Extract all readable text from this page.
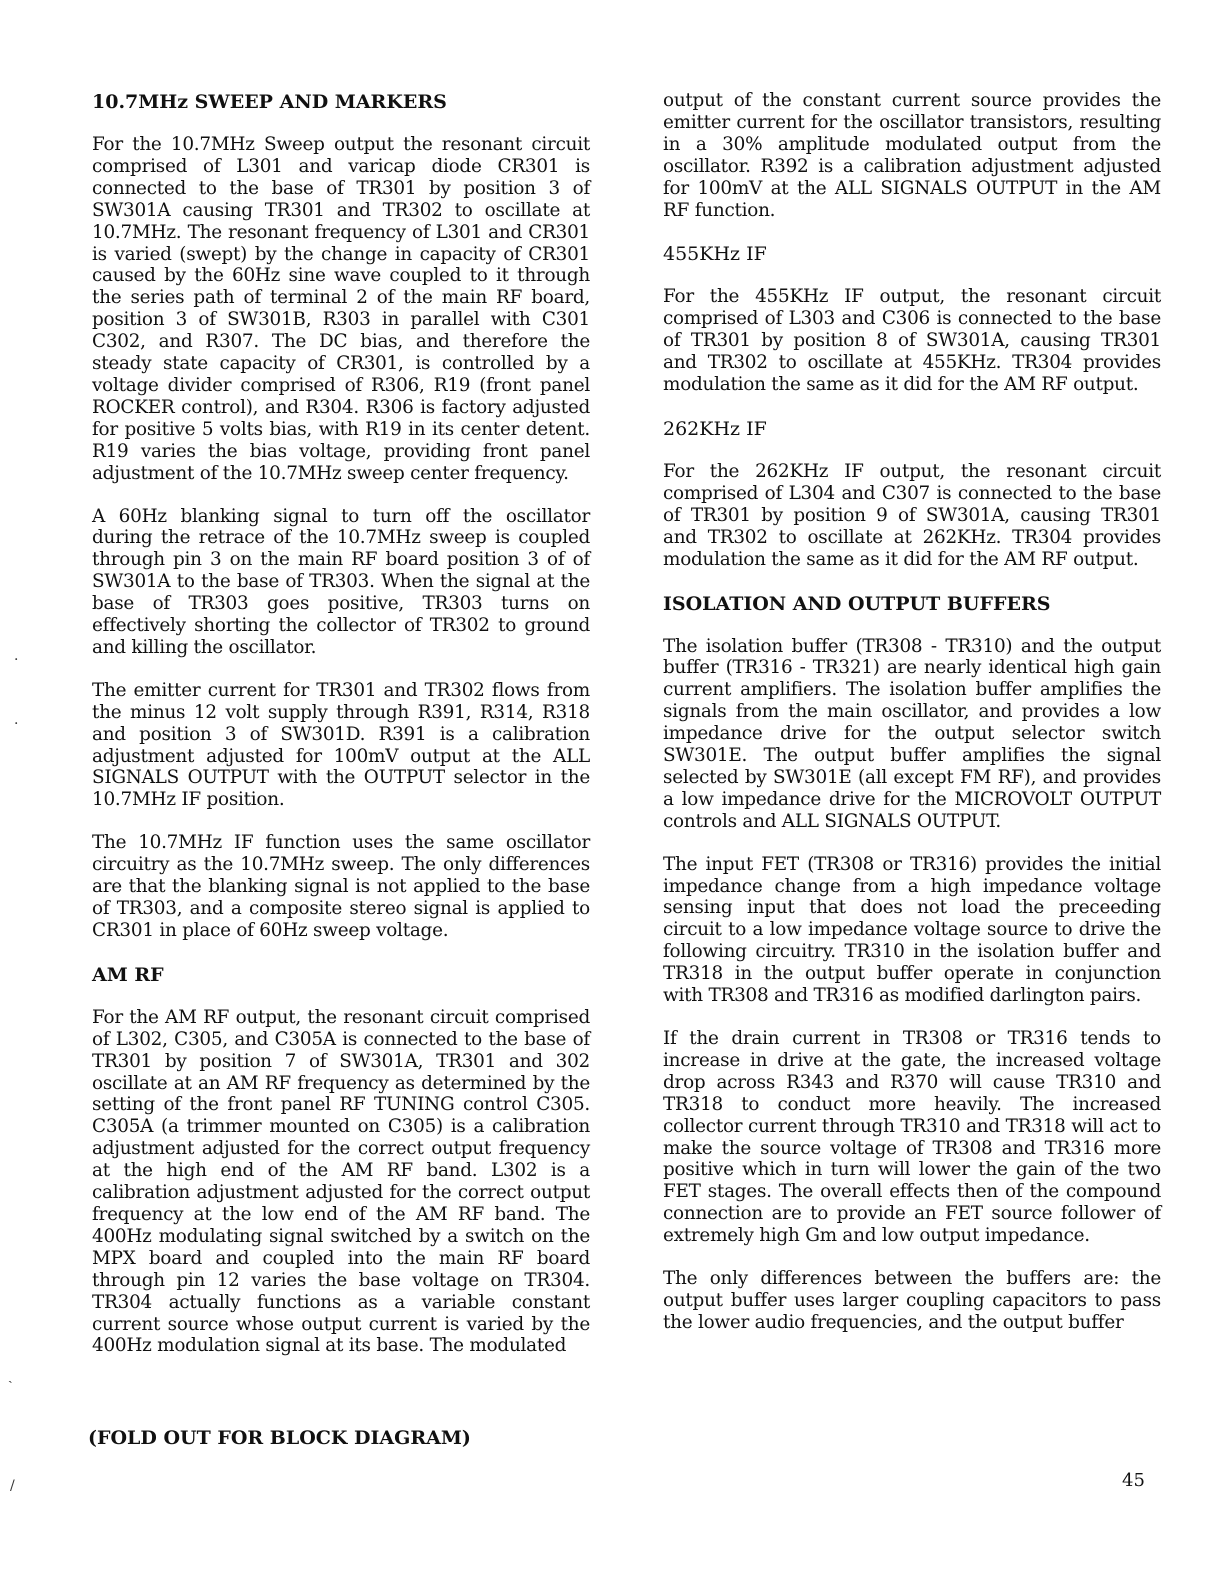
10.7MHz SWEEP AND MARKERS

For the 10.7MHz Sweep output the resonant circuit comprised of L301 and varicap diode CR301 is connected to the base of TR301 by position 3 of SW301A causing TR301 and TR302 to oscillate at 10.7MHz. The resonant frequency of L301 and CR301 is varied (swept) by the change in capacity of CR301 caused by the 60Hz sine wave coupled to it through the series path of terminal 2 of the main RF board, position 3 of SW301B, R303 in parallel with C301 C302, and R307. The DC bias, and therefore the steady state capacity of CR301, is controlled by a voltage divider comprised of R306, R19 (front panel ROCKER control), and R304. R306 is factory adjusted for positive 5 volts bias, with R19 in its center detent. R19 varies the bias voltage, providing front panel adjustment of the 10.7MHz sweep center frequency.

A 60Hz blanking signal to turn off the oscillator during the retrace of the 10.7MHz sweep is coupled through pin 3 on the main RF board position 3 of of SW301A to the base of TR303. When the signal at the base of TR303 goes positive, TR303 turns on effectively shorting the collector of TR302 to ground and killing the oscillator.

The emitter current for TR301 and TR302 flows from the minus 12 volt supply through R391, R314, R318 and position 3 of SW301D. R391 is a calibration adjustment adjusted for 100mV output at the ALL SIGNALS OUTPUT with the OUTPUT selector in the 10.7MHz IF position.

The 10.7MHz IF function uses the same oscillator circuitry as the 10.7MHz sweep. The only differences are that the blanking signal is not applied to the base of TR303, and a composite stereo signal is applied to CR301 in place of 60Hz sweep voltage.

AM RF

For the AM RF output, the resonant circuit comprised of L302, C305, and C305A is connected to the base of TR301 by position 7 of SW301A, TR301 and 302 oscillate at an AM RF frequency as determined by the setting of the front panel RF TUNING control C305. C305A (a trimmer mounted on C305) is a calibration adjustment adjusted for the correct output frequency at the high end of the AM RF band. L302 is a calibration adjustment adjusted for the correct output frequency at the low end of the AM RF band. The 400Hz modulating signal switched by a switch on the MPX board and coupled into the main RF board through pin 12 varies the base voltage on TR304. TR304 actually functions as a variable constant current source whose output current is varied by the 400Hz modulation signal at its base. The modulated

output of the constant current source provides the emitter current for the oscillator transistors, resulting in a 30% amplitude modulated output from the oscillator. R392 is a calibration adjustment adjusted for 100mV at the ALL SIGNALS OUTPUT in the AM RF function.

455KHz IF

For the 455KHz IF output, the resonant circuit comprised of L303 and C306 is connected to the base of TR301 by position 8 of SW301A, causing TR301 and TR302 to oscillate at 455KHz. TR304 provides modulation the same as it did for the AM RF output.

262KHz IF

For the 262KHz IF output, the resonant circuit comprised of L304 and C307 is connected to the base of TR301 by position 9 of SW301A, causing TR301 and TR302 to oscillate at 262KHz. TR304 provides modulation the same as it did for the AM RF output.

ISOLATION AND OUTPUT BUFFERS

The isolation buffer (TR308 - TR310) and the output buffer (TR316 - TR321) are nearly identical high gain current amplifiers. The isolation buffer amplifies the signals from the main oscillator, and provides a low impedance drive for the output selector switch SW301E. The output buffer amplifies the signal selected by SW301E (all except FM RF), and provides a low impedance drive for the MICROVOLT OUTPUT controls and ALL SIGNALS OUTPUT.

The input FET (TR308 or TR316) provides the initial impedance change from a high impedance voltage sensing input that does not load the preceeding circuit to a low impedance voltage source to drive the following circuitry. TR310 in the isolation buffer and TR318 in the output buffer operate in conjunction with TR308 and TR316 as modified darlington pairs.

If the drain current in TR308 or TR316 tends to increase in drive at the gate, the increased voltage drop across R343 and R370 will cause TR310 and TR318 to conduct more heavily. The increased collector current through TR310 and TR318 will act to make the source voltage of TR308 and TR316 more positive which in turn will lower the gain of the two FET stages. The overall effects then of the compound connection are to provide an FET source follower of extremely high Gm and low output impedance.

The only differences between the buffers are: the output buffer uses larger coupling capacitors to pass the lower audio frequencies, and the output buffer

(FOLD OUT FOR BLOCK DIAGRAM)
45
·
·
ˎ
/
